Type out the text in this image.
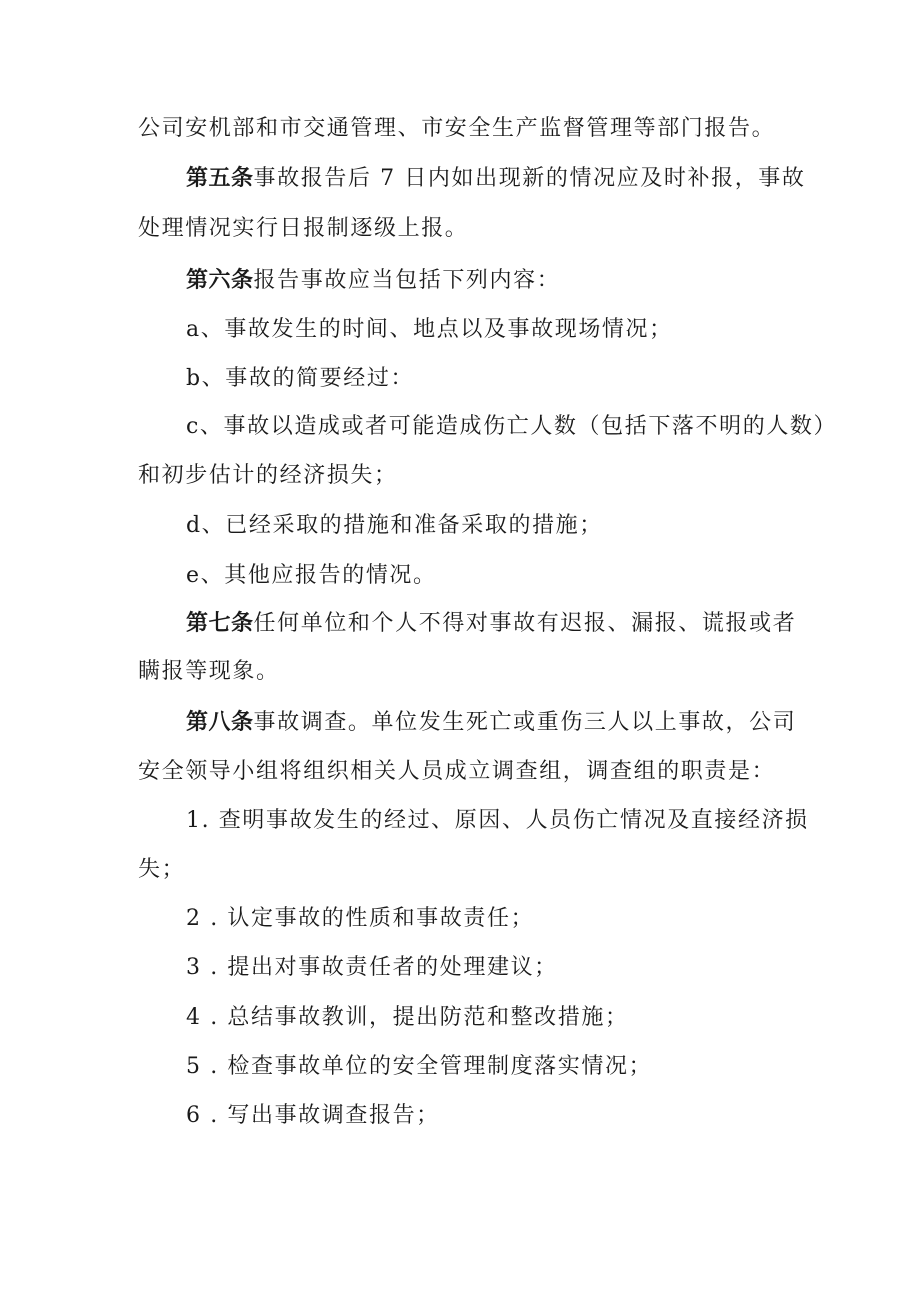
公司安机部和市交通管理、市安全生产监督管理等部门报告。
第五条事故报告后 7 日内如出现新的情况应及时补报，事故
处理情况实行日报制逐级上报。
第六条报告事故应当包括下列内容：
a、事故发生的时间、地点以及事故现场情况；
b、事故的简要经过：
c、事故以造成或者可能造成伤亡人数（包括下落不明的人数）
和初步估计的经济损失；
d、已经采取的措施和准备采取的措施；
e、其他应报告的情况。
第七条任何单位和个人不得对事故有迟报、漏报、谎报或者
瞒报等现象。
第八条事故调查。单位发生死亡或重伤三人以上事故，公司
安全领导小组将组织相关人员成立调查组，调查组的职责是：
1. 查明事故发生的经过、原因、人员伤亡情况及直接经济损
失；
2 . 认定事故的性质和事故责任；
3 . 提出对事故责任者的处理建议；
4 . 总结事故教训，提出防范和整改措施；
5 . 检查事故单位的安全管理制度落实情况；
6 . 写出事故调查报告；
